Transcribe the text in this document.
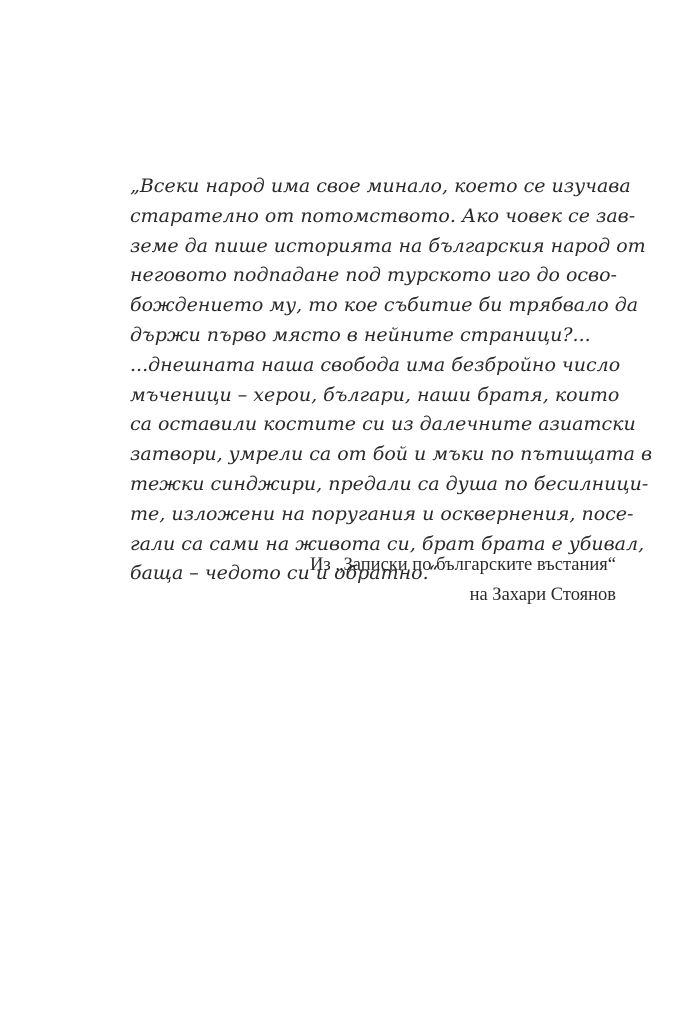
„Всеки народ има свое минало, което се изучава
старателно от потомството. Ако човек се зав-
земе да пише историята на българския народ от
неговото подпадане под турското иго до осво-
бождението му, то кое събитие би трябвало да
държи първо място в нейните страници?...
...днешната наша свобода има безбройно число
мъченици – херои, българи, наши братя, които
са оставили костите си из далечните азиатски
затвори, умрели са от бой и мъки по пътищата в
тежки синджири, предали са душа по бесилници-
те, изложени на поругания и осквернения, посе-
гали са сами на живота си, брат брата е убивал,
баща – чедото си и обратно.“
Из „Записки по българските въстания“
на Захари Стоянов
